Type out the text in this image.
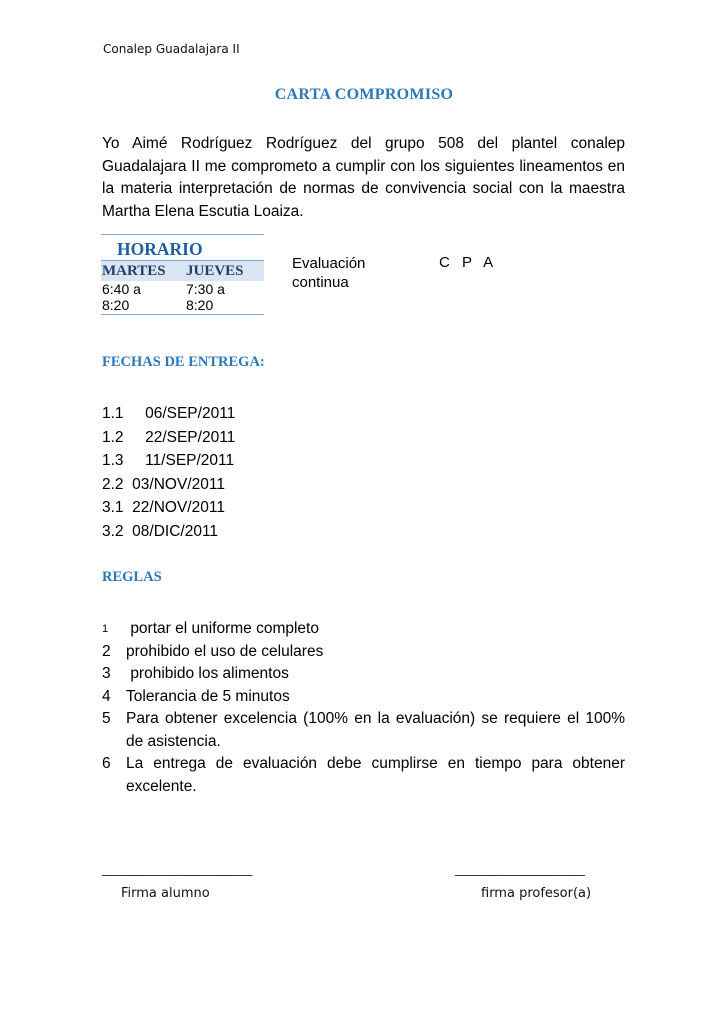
Conalep Guadalajara II
CARTA COMPROMISO
Yo Aimé Rodríguez Rodríguez del grupo 508 del plantel conalep Guadalajara II me comprometo a cumplir con los siguientes lineamentos en la materia interpretación de normas de convivencia social con la maestra Martha Elena Escutia Loaiza.
HORARIO
MARTES	JUEVES
6:40 a	7:30 a
8:20	8:20
Evaluación
continua
C P A
FECHAS DE ENTREGA:
1.1     06/SEP/2011
1.2     22/SEP/2011
1.3     11/SEP/2011
2.2  03/NOV/2011
3.1  22/NOV/2011
3.2  08/DIC/2011
REGLAS
1	portar el uniforme completo
2 prohibido el uso de celulares
3 prohibido los alimentos
4 Tolerancia de 5 minutos
5 Para obtener excelencia (100% en la evaluación) se requiere el 100% de asistencia.
6 La entrega de evaluación debe cumplirse en tiempo para obtener excelente.
______________________
Firma alumno
___________________
firma profesor(a)
